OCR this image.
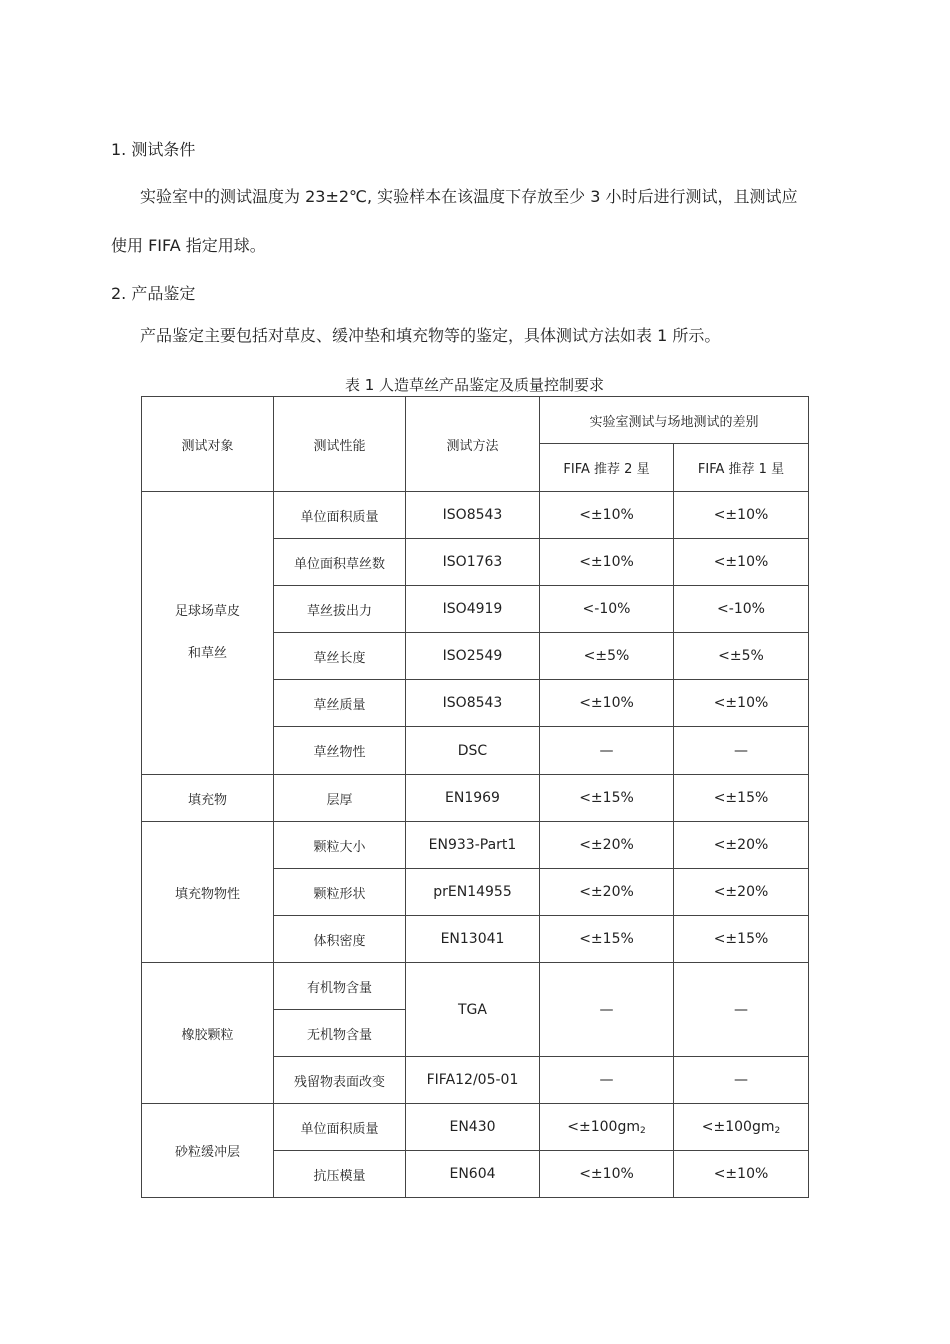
1. 测试条件
实验室中的测试温度为 23±2℃, 实验样本在该温度下存放至少 3 小时后进行测试，且测试应
使用 FIFA 指定用球。
2. 产品鉴定
产品鉴定主要包括对草皮、缓冲垫和填充物等的鉴定，具体测试方法如表 1 所示。
表 1 人造草丝产品鉴定及质量控制要求
测试对象	测试性能	测试方法	实验室测试与场地测试的差别	
			FIFA 推荐 2 星	FIFA 推荐 1 星
足球场草皮
和草丝	单位面积质量	ISO8543	<±10%	<±10%
	单位面积草丝数	ISO1763	<±10%	<±10%
	草丝拔出力	ISO4919	<-10%	<-10%
	草丝长度	ISO2549	<±5%	<±5%
	草丝质量	ISO8543	<±10%	<±10%
	草丝物性	DSC	—	—
填充物	层厚	EN1969	<±15%	<±15%
填充物物性	颗粒大小	EN933-Part1	<±20%	<±20%
	颗粒形状	prEN14955	<±20%	<±20%
	体积密度	EN13041	<±15%	<±15%
橡胶颗粒	有机物含量	TGA	—	—
	无机物含量			
	残留物表面改变	FIFA12/05-01	—	—
砂粒缓冲层	单位面积质量	EN430	$<\pm 100gm_2$	$<\pm 100gm_2$
	抗压模量	EN604	<±10%	<±10%
